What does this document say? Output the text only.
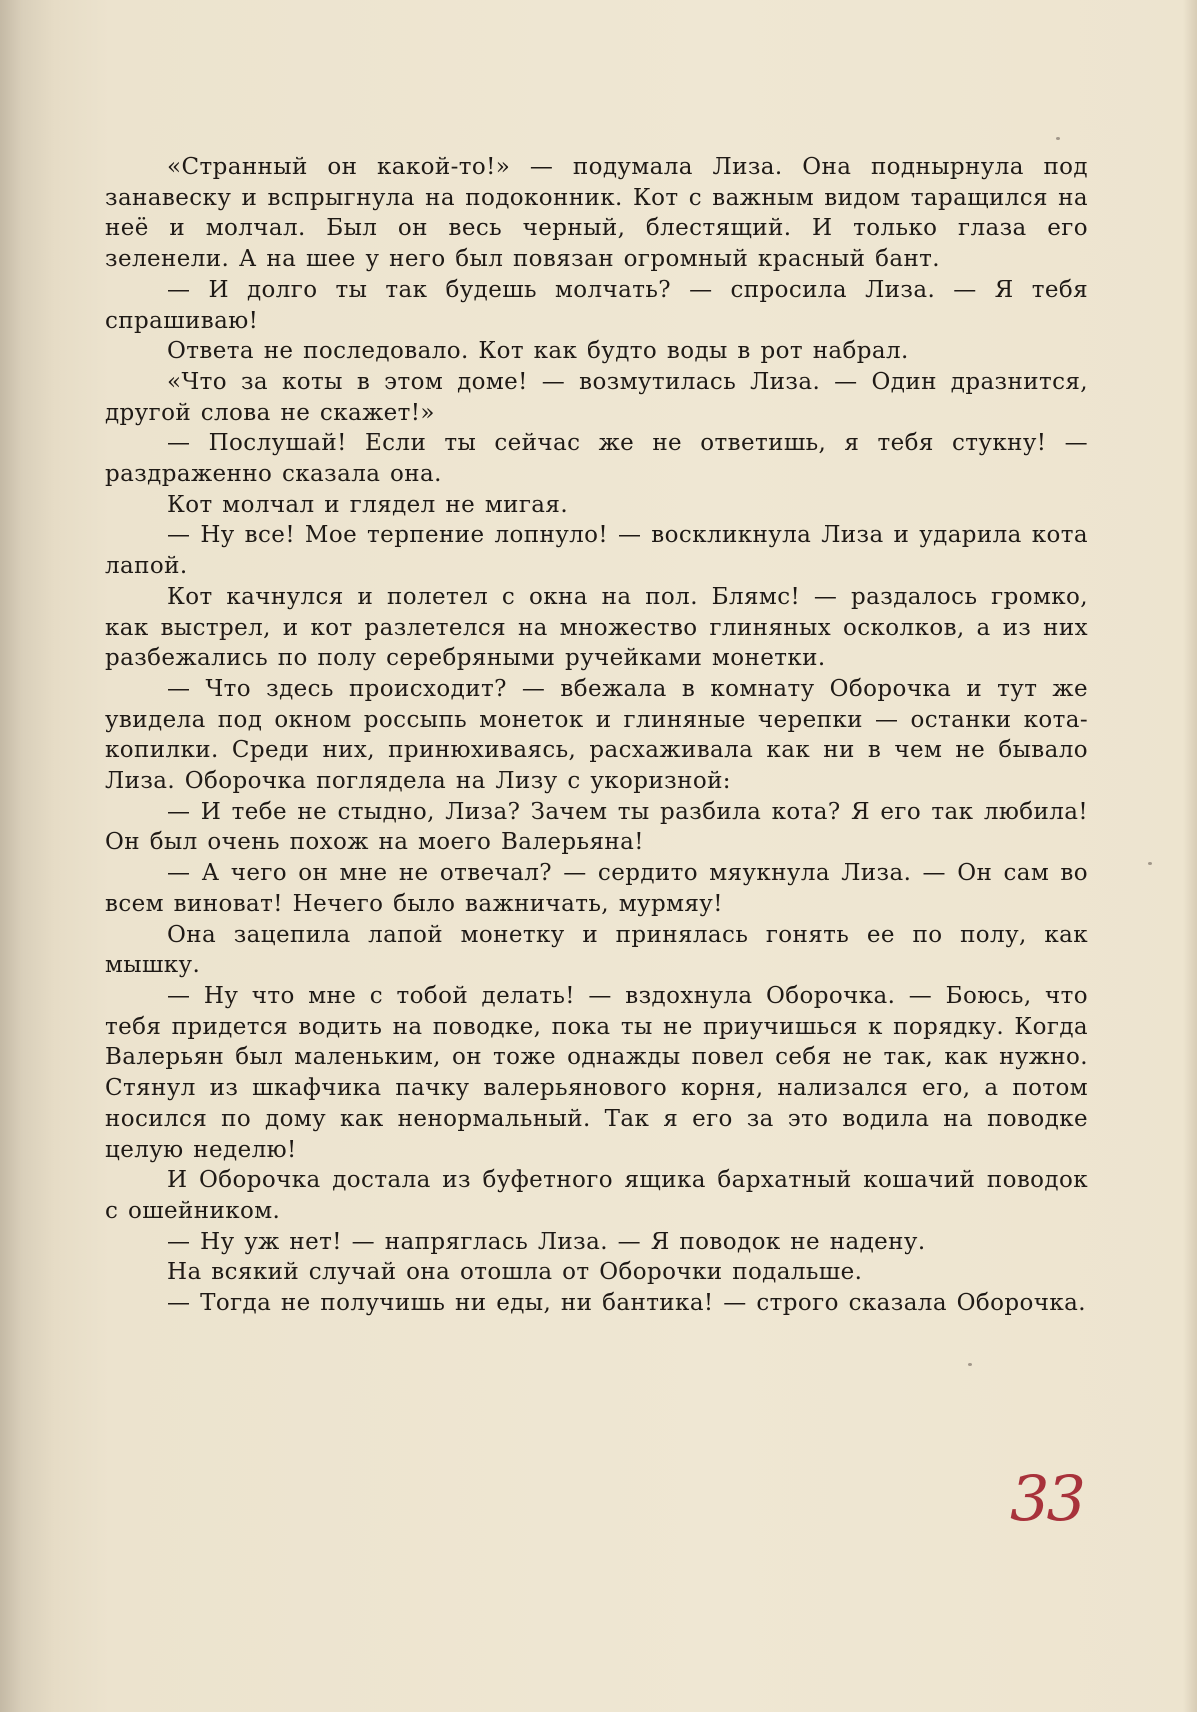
«Странный он какой-то!» — подумала Лиза. Она поднырнула под занавеску и вспрыгнула на подоконник. Кот с важным видом таращился на неё и молчал. Был он весь черный, блестящий. И только глаза его зеленели. А на шее у него был повязан огромный красный бант.

— И долго ты так будешь молчать? — спросила Лиза. — Я тебя спрашиваю!

Ответа не последовало. Кот как будто воды в рот набрал.

«Что за коты в этом доме! — возмутилась Лиза. — Один дразнится, другой слова не скажет!»

— Послушай! Если ты сейчас же не ответишь, я тебя стукну! — раздраженно сказала она.

Кот молчал и глядел не мигая.

— Ну все! Мое терпение лопнуло! — воскликнула Лиза и ударила кота лапой.

Кот качнулся и полетел с окна на пол. Блямс! — раздалось громко, как выстрел, и кот разлетелся на множество глиняных осколков, а из них разбежались по полу серебряными ручейками монетки.

— Что здесь происходит? — вбежала в комнату Оборочка и тут же увидела под окном россыпь монеток и глиняные черепки — останки кота-копилки. Среди них, принюхиваясь, расхаживала как ни в чем не бывало Лиза. Оборочка поглядела на Лизу с укоризной:

— И тебе не стыдно, Лиза? Зачем ты разбила кота? Я его так любила! Он был очень похож на моего Валерьяна!

— А чего он мне не отвечал? — сердито мяукнула Лиза. — Он сам во всем виноват! Нечего было важничать, мурмяу!

Она зацепила лапой монетку и принялась гонять ее по полу, как мышку.

— Ну что мне с тобой делать! — вздохнула Оборочка. — Боюсь, что тебя придется водить на поводке, пока ты не приучишься к порядку. Когда Валерьян был маленьким, он тоже однажды повел себя не так, как нужно. Стянул из шкафчика пачку валерьянового корня, нализался его, а потом носился по дому как ненормальный. Так я его за это водила на поводке целую неделю!

И Оборочка достала из буфетного ящика бархатный кошачий поводок с ошейником.

— Ну уж нет! — напряглась Лиза. — Я поводок не надену.

На всякий случай она отошла от Оборочки подальше.

— Тогда не получишь ни еды, ни бантика! — строго сказала Оборочка.

33
